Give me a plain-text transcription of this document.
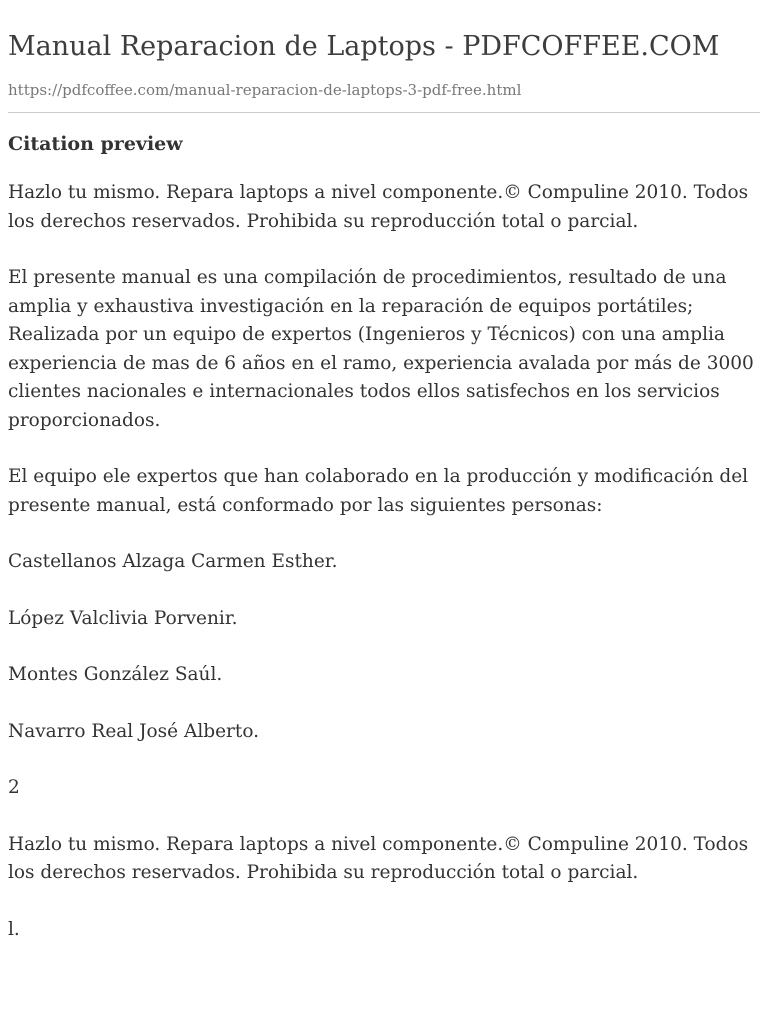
Manual Reparacion de Laptops - PDFCOFFEE.COM
https://pdfcoffee.com/manual-reparacion-de-laptops-3-pdf-free.html
Citation preview

Hazlo tu mismo. Repara laptops a nivel componente.© Compuline 2010. Todos los derechos reservados. Prohibida su reproducción total o parcial.

El presente manual es una compilación de procedimientos, resultado de una amplia y exhaustiva investigación en la reparación de equipos portátiles; Realizada por un equipo de expertos (Ingenieros y Técnicos) con una amplia experiencia de mas de 6 años en el ramo, experiencia avalada por más de 3000 clientes nacionales e internacionales todos ellos satisfechos en los servicios proporcionados.

El equipo ele expertos que han colaborado en la producción y modificación del presente manual, está conformado por las siguientes personas:

Castellanos Alzaga Carmen Esther.

López Valclivia Porvenir.

Montes González Saúl.

Navarro Real José Alberto.

2

Hazlo tu mismo. Repara laptops a nivel componente.© Compuline 2010. Todos los derechos reservados. Prohibida su reproducción total o parcial.

l.
